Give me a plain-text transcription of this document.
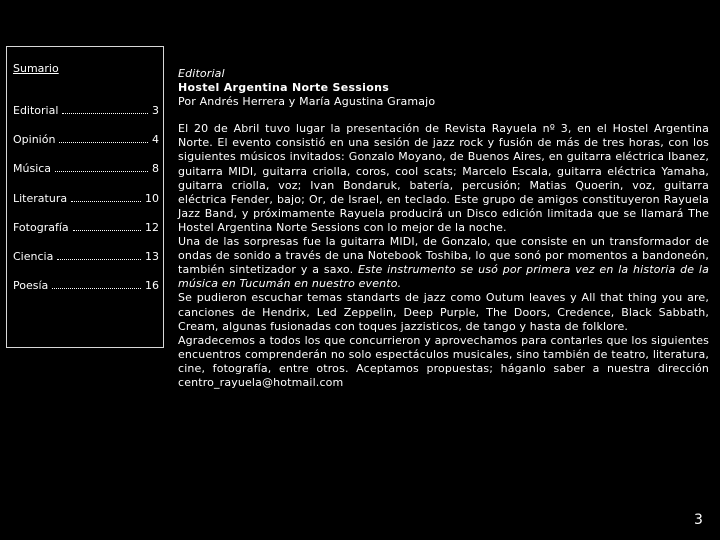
Sumario
Editorial	3
Opinión	4
Música	8
Literatura	10
Fotografía	12
Ciencia	13
Poesía	16
Editorial
Hostel Argentina Norte Sessions
Por Andrés Herrera y María Agustina Gramajo
El 20 de Abril tuvo lugar la presentación de Revista Rayuela nº 3, en el Hostel Argentina Norte. El evento consistió en una sesión de jazz rock y fusión de más de tres horas, con los siguientes músicos invitados: Gonzalo Moyano, de Buenos Aires, en guitarra eléctrica Ibanez, guitarra MIDI, guitarra criolla, coros, cool scats; Marcelo Escala, guitarra eléctrica Yamaha, guitarra criolla, voz; Ivan Bondaruk, batería, percusión; Matias Quoerin, voz, guitarra eléctrica Fender, bajo; Or, de Israel, en teclado. Este grupo de amigos constituyeron Rayuela Jazz Band, y próximamente Rayuela producirá un Disco edición limitada que se llamará The Hostel Argentina Norte Sessions con lo mejor de la noche.
Una de las sorpresas fue la guitarra MIDI, de Gonzalo, que consiste en un transformador de ondas de sonido a través de una Notebook Toshiba, lo que sonó por momentos a bandoneón, también sintetizador y a saxo. Este instrumento se usó por primera vez en la historia de la música en Tucumán en nuestro evento.
Se pudieron escuchar temas standarts de jazz como Outum leaves y All that thing you are, canciones de Hendrix, Led Zeppelin, Deep Purple, The Doors, Credence, Black Sabbath, Cream, algunas fusionadas con toques jazzisticos, de tango y hasta de folklore.
Agradecemos a todos los que concurrieron y aprovechamos para contarles que los siguientes encuentros comprenderán no solo espectáculos musicales, sino también de teatro, literatura, cine, fotografía, entre otros. Aceptamos propuestas; háganlo saber a nuestra dirección centro_rayuela@hotmail.com
3
